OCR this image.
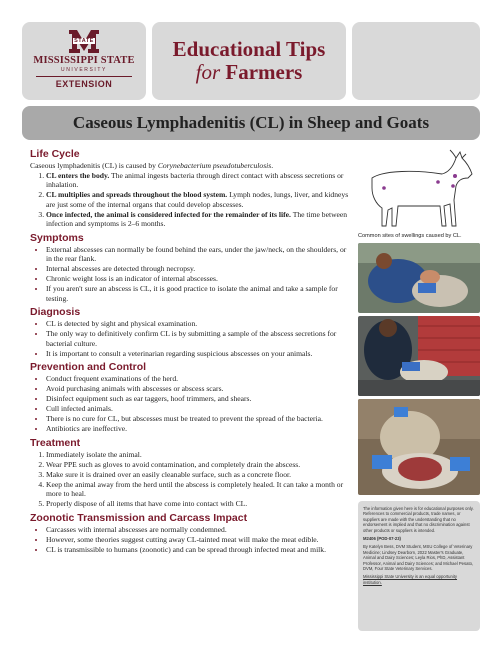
STATE
MISSISSIPPI STATE
UNIVERSITY
EXTENSION
Educational Tips
for Farmers
Caseous Lymphadenitis (CL) in Sheep and Goats
Life Cycle

Caseous lymphadenitis (CL) is caused by Corynebacterium pseudotuberculosis.

1. CL enters the body. The animal ingests bacteria through direct contact with abscess secretions or inhalation.
2. CL multiplies and spreads throughout the blood system. Lymph nodes, lungs, liver, and kidneys are just some of the internal organs that could develop abscesses.
3. Once infected, the animal is considered infected for the remainder of its life. The time between infection and symptoms is 2–6 months.
Symptoms
• External abscesses can normally be found behind the ears, under the jaw/neck, on the shoulders, or in the rear flank.
• Internal abscesses are detected through necropsy.
• Chronic weight loss is an indicator of internal abscesses.
• If you aren't sure an abscess is CL, it is good practice to isolate the animal and take a sample for testing.
Diagnosis
• CL is detected by sight and physical examination.
• The only way to definitively confirm CL is by submitting a sample of the abscess secretions for bacterial culture.
• It is important to consult a veterinarian regarding suspicious abscesses on your animals.
Prevention and Control
• Conduct frequent examinations of the herd.
• Avoid purchasing animals with abscesses or abscess scars.
• Disinfect equipment such as ear taggers, hoof trimmers, and shears.
• Cull infected animals.
• There is no cure for CL, but abscesses must be treated to prevent the spread of the bacteria.
• Antibiotics are ineffective.
Treatment
1. Immediately isolate the animal.
2. Wear PPE such as gloves to avoid contamination, and completely drain the abscess.
3. Make sure it is drained over an easily cleanable surface, such as a concrete floor.
4. Keep the animal away from the herd until the abscess is completely healed. It can take a month or more to heal.
5. Properly dispose of all items that have come into contact with CL.
Zoonotic Transmission and Carcass Impact
• Carcasses with internal abscesses are normally condemned.
• However, some theories suggest cutting away CL-tainted meat will make the meat edible.
• CL is transmissible to humans (zoonotic) and can be spread through infected meat and milk.
Common sites of swellings caused by CL.

The information given here is for educational purposes only. References to commercial products, trade names, or suppliers are made with the understanding that no endorsement is implied and that no discrimination against other products or suppliers is intended.

M2406 (POD-07-23)

By Katelyn Bess, DVM Student, MSU College of Veterinary Medicine; Lindsey Dearborn, 2022 Master's Graduate, Animal and Dairy Sciences; Leyla Rios, PhD, Assistant Professor, Animal and Dairy Sciences; and Michael Pesato, DVM, Four State Veterinary Services.

Mississippi State University is an equal opportunity institution.
